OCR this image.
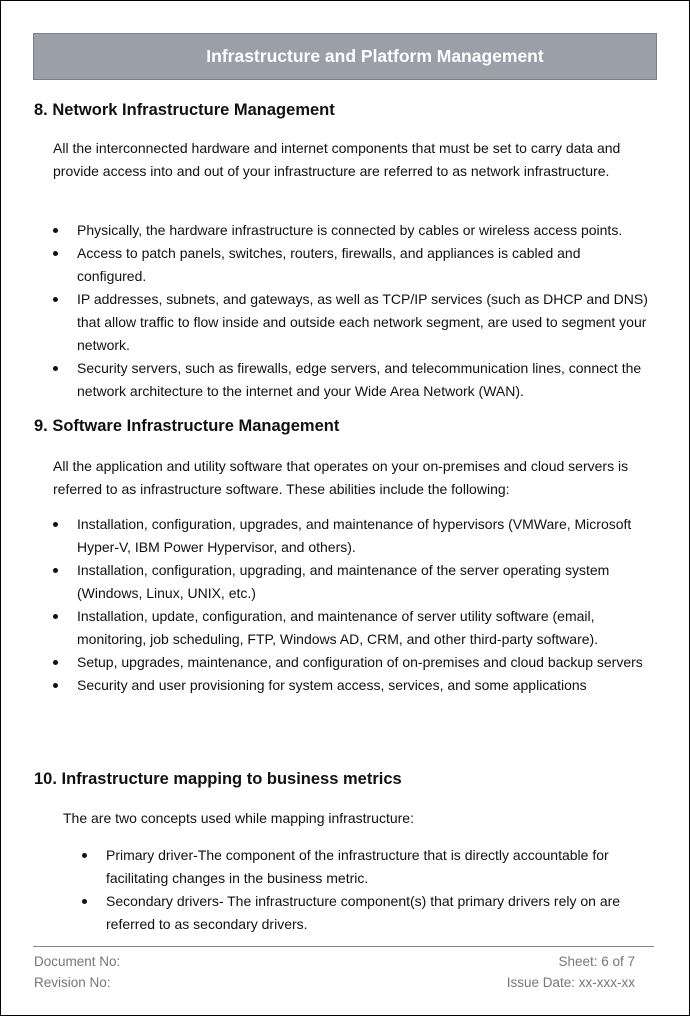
Infrastructure and Platform Management
8. Network Infrastructure Management
All the interconnected hardware and internet components that must be set to carry data and provide access into and out of your infrastructure are referred to as network infrastructure.
Physically, the hardware infrastructure is connected by cables or wireless access points.
Access to patch panels, switches, routers, firewalls, and appliances is cabled and configured.
IP addresses, subnets, and gateways, as well as TCP/IP services (such as DHCP and DNS) that allow traffic to flow inside and outside each network segment, are used to segment your network.
Security servers, such as firewalls, edge servers, and telecommunication lines, connect the network architecture to the internet and your Wide Area Network (WAN).
9. Software Infrastructure Management
All the application and utility software that operates on your on-premises and cloud servers is referred to as infrastructure software. These abilities include the following:
Installation, configuration, upgrades, and maintenance of hypervisors (VMWare, Microsoft Hyper-V, IBM Power Hypervisor, and others).
Installation, configuration, upgrading, and maintenance of the server operating system (Windows, Linux, UNIX, etc.)
Installation, update, configuration, and maintenance of server utility software (email, monitoring, job scheduling, FTP, Windows AD, CRM, and other third-party software).
Setup, upgrades, maintenance, and configuration of on-premises and cloud backup servers
Security and user provisioning for system access, services, and some applications
10. Infrastructure mapping to business metrics
The are two concepts used while mapping infrastructure:
Primary driver-The component of the infrastructure that is directly accountable for facilitating changes in the business metric.
Secondary drivers- The infrastructure component(s) that primary drivers rely on are referred to as secondary drivers.
Document No:
Revision No:
Sheet: 6 of 7
Issue Date: xx-xxx-xx
